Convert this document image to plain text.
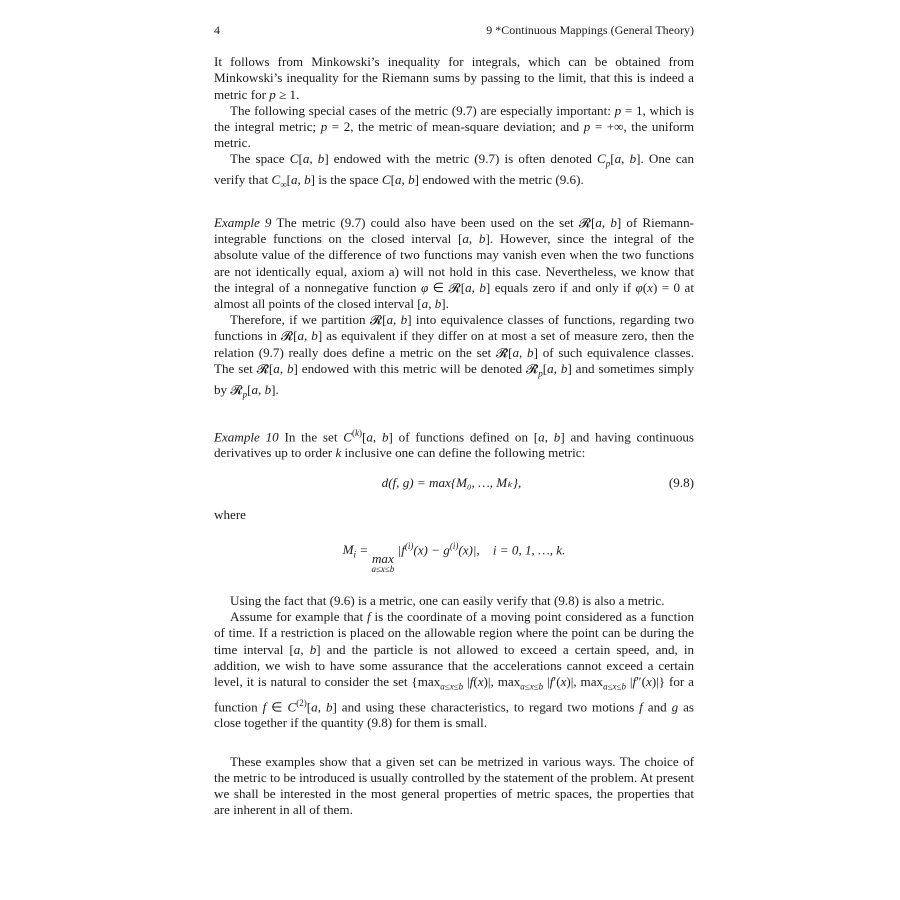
4	9 *Continuous Mappings (General Theory)

It follows from Minkowski’s inequality for integrals, which can be obtained from Minkowski’s inequality for the Riemann sums by passing to the limit, that this is indeed a metric for p ≥ 1.

The following special cases of the metric (9.7) are especially important: p = 1, which is the integral metric; p = 2, the metric of mean-square deviation; and p = +∞, the uniform metric.

The space C[a, b] endowed with the metric (9.7) is often denoted $C_p[a$, b]. One can verify that $C_\infty[a$, b] is the space C[a, b] endowed with the metric (9.6).

Example 9 The metric (9.7) could also have been used on the set 𝓡[a, b] of Riemann-integrable functions on the closed interval [a, b]. However, since the integral of the absolute value of the difference of two functions may vanish even when the two functions are not identically equal, axiom a) will not hold in this case. Nevertheless, we know that the integral of a nonnegative function φ ∈ 𝓡[a, b] equals zero if and only if φ(x) = 0 at almost all points of the closed interval [a, b].

Therefore, if we partition 𝓡[a, b] into equivalence classes of functions, regarding two functions in 𝓡[a, b] as equivalent if they differ on at most a set of measure zero, then the relation (9.7) really does define a metric on the set 𝓡̃[a, b] of such equivalence classes. The set 𝓡̃[a, b] endowed with this metric will be denoted $𝓡̃_p[a$, b] and sometimes simply by 𝓡$_p$[a, b].

Example 10 In the set $C^{(k)}[a$, b] of functions defined on [a, b] and having continuous derivatives up to order k inclusive one can define the following metric:

d(f, g) = max{M₀, …, Mₖ},	(9.8)

where

$M_i$ =
max
a≤x≤b
$|f^{(i)}(x) - g^{(i)}(x)|$,    i = 0, 1, …, k.

Using the fact that (9.6) is a metric, one can easily verify that (9.8) is also a metric.

Assume for example that f is the coordinate of a moving point considered as a function of time. If a restriction is placed on the allowable region where the point can be during the time interval [a, b] and the particle is not allowed to exceed a certain speed, and, in addition, we wish to have some assurance that the accelerations cannot exceed a certain level, it is natural to consider the set {$\max_{a\le x\le b}$ |f(x)|, $\max_{a\le x\le b} |f'(x)|$, $\max_{a\le x\le b} |f''(x)|$} for a function f ∈ $C^{(2)}[a$, b] and using these characteristics, to regard two motions f and g as close together if the quantity (9.8) for them is small.

These examples show that a given set can be metrized in various ways. The choice of the metric to be introduced is usually controlled by the statement of the problem. At present we shall be interested in the most general properties of metric spaces, the properties that are inherent in all of them.
